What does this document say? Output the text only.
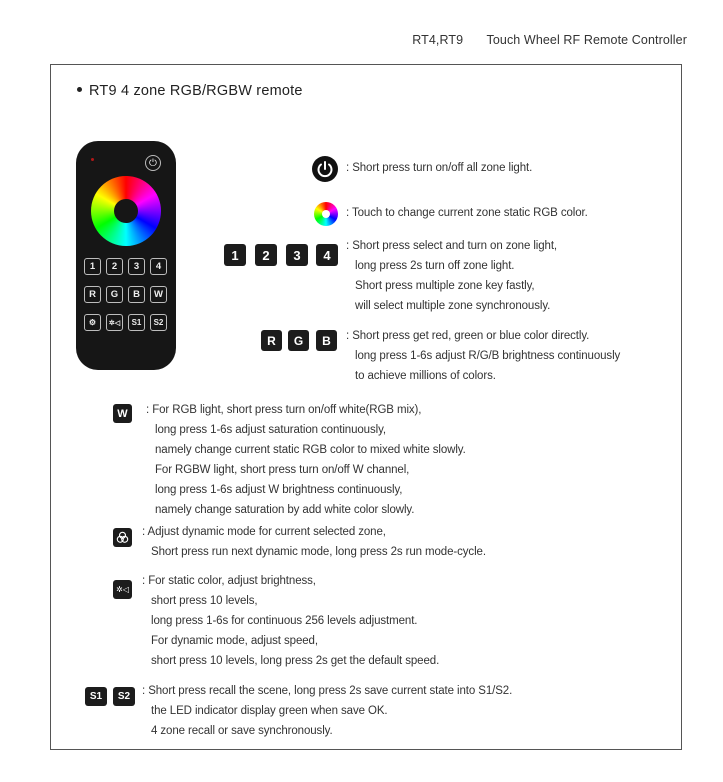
RT4,RT9 Touch Wheel RF Remote Controller
RT9 4 zone RGB/RGBW remote
⏻
1	2	3	4
R	G	B	W
⚙	✲◁	S1	S2
: Short press turn on/off all zone light.
: Touch to change current zone static RGB color.
1	2	3	4
: Short press select and turn on zone light,
long press 2s turn off zone light.
Short press multiple zone key fastly,
will select multiple zone synchronously.
R	G	B	: Short press get red, green or blue color directly.
long press 1-6s adjust R/G/B brightness continuously
to achieve millions of colors.
W	: For RGB light, short press turn on/off white(RGB mix),
long press 1-6s adjust saturation continuously,
namely change current static RGB color to mixed white slowly.
For RGBW light, short press turn on/off W channel,
long press 1-6s adjust W brightness continuously,
namely change saturation by add white color slowly.
: Adjust dynamic mode for current selected zone,
Short press run next dynamic mode, long press 2s run mode-cycle.
✲◁
: For static color, adjust brightness,
short press 10 levels,
long press 1-6s for continuous 256 levels adjustment.
For dynamic mode, adjust speed,
short press 10 levels, long press 2s get the default speed.
S1	S2	: Short press recall the scene, long press 2s save current state into S1/S2.
the LED indicator display green when save OK.
4 zone recall or save synchronously.
